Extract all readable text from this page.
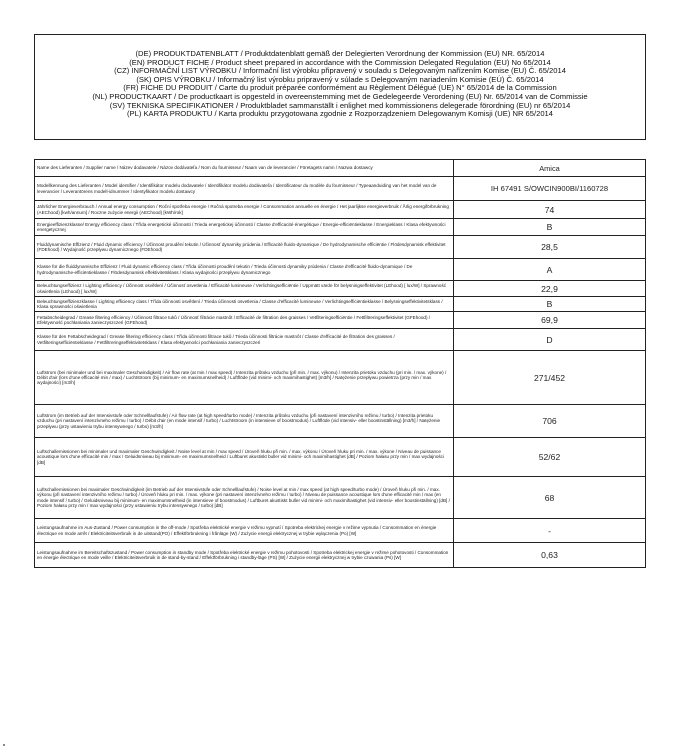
(DE) PRODUKTDATENBLATT / Produktdatenblatt gemäß der Delegierten Verordnung der Kommission (EU) NR. 65/2014
(EN) PRODUCT FICHE / Product sheet prepared in accordance with the Commission Delegated Regulation (EU) No 65/2014
(CZ) INFORMAČNÍ LIST VÝROBKU / Informační list výrobku připravený v souladu s Delegovaným nařízením Komise (EU) Č. 65/2014
(SK) OPIS VÝROBKU / Informačný list výrobku pripravený v súlade s Delegovaným nariadením Komisie (EÚ) Č. 65/2014
(FR) FICHE DU PRODUIT / Carte du produit préparée conformément au Règlement Délégué (UE) N° 65/2014 de la Commission
(NL) PRODUCTKAART / De productkaart is opgesteld in overeenstemming met de Gedelegeerde Verordening (EU) Nr. 65/2014 van de Commissie
(SV) TEKNISKA SPECIFIKATIONER / Produktbladet sammanställt i enlighet med kommissionens delegerade förordning (EU) nr 65/2014
(PL) KARTA PRODUKTU / Karta produktu przygotowana zgodnie z Rozporządzeniem Delegowanym Komisji (UE) NR 65/2014
Name des Lieferanten / Supplier name / Název dodavatele / Názov dodávateľa / Nom du fournisseur / Naam van de leverancier / Företagets namn / Nazwa dostawcy	Amica
Modellkennung des Lieferanten / Model identifier / Identifikátor modelu dodavatele / Identifikátor modelu dodávateľa / Identificateur du modèle du fournisseur / Typeaanduiding van het model van de leverancier / Leverantörens modell-idnummer / Identyfikator modelu dostawcy	IH 67491 S/OWCIN900BI/1160728
Jährlicher Energieverbrauch / Annual energy consumption / Roční spotřeba energie / Ročná spotreba energie / Consommation annuelle en énergie / Het jaarlijkse energieverbruik / Årlig energiförbrukning (AEChood) [kwh/annum] / Roczne zużycie energii (AEChood) [kWh/rok]	74
Energieeffizienzklasse/ Energy efficiency class / Třída energetické účinnosti / Trieda energetickej účinnosti / Classe d'efficacité énergétique / Energie-efficiëntieklasse / Energieklass / Klasa efektywności energetycznej	B
Fluiddynamische Effizienz / Fluid dynamic efficiency / Účinnost proudění tekutin / Účinnosť dynamiky prúdenia / Efficacité fluido-dynamique / De hydrodynamische efficiëntie / Flödesdynamisk effektivitet (FDEhood) / Wydajność przepływu dynamicznego (FDEhood)	28,5
Klasse für die fluiddynamische Effizienz / Fluid dynamic efficiency class / Třída účinnosti proudění tekutin / Trieda účinnosti dynamiky prúdenia / Classe d'efficacité fluido-dynamique / De hydrodynamische-efficiëntieklasse / Flödesdynamisk effektivitetsklass / Klasa wydajności przepływu dynamicznego	A
Beleuchtungseffizienz / Lighting efficiency / Účinnost osvětlení / Účinnosť osvetlenia / Efficacité lumineuse / Verlichtingsefficiëntie / Uppmätt värde för belysningseffektivitet (LEhood) [ lux/W] / Sprawność oświetlenia (LEhood) [ lux/W]	22,9
Beleuchtungseffizienzklasse / Lighting efficiency class / Třída účinnosti osvětlení / Trieda účinnosti osvetlenia / Classe d'efficacité lumineuse / Verlichtingsefficiëntieklasse / Belysningseffektivitetsklass / Klasa sprawności oświetlenia	B
Fettabscheidegrad / Grease filtering efficiency / Účinnost filtrace tuků / Účinnosť filtrácie mastnôt / Efficacité de filtration des graisses / Vetfilteringsefficiëntie / Fettfiltreringseffektivitet (GFEhood) / Efektywność pochłaniania zanieczyszczeń (GFEhood)	69,9
Klasse für den Fettabscheidegrad / Grease filtering efficiency class / Třída účinnosti filtrace tuků / Trieda účinnosti filtrácie mastnôt / Classe d'efficacité de filtration des graisses / Vetfilteringsefficiëntieklasse / Fettfiltreringseffektivitetsklass / Klasa efektywności pochłaniania zanieczyszczeń	D
Luftstrom (bei minimaler und bei maximaler Geschwindigkeit) / Air flow rate (at min / max speed) / Intenzita průtoku vzduchu (při min. / max. výkonu) / Intenzita prietoku vzduchu (pri min. / max. výkone) / Débit d'air (lors d'une efficacité min / max) / Luchtstroom (bij minimum- en maximumsnelheid) / Luftflöde (vid minimi- och maximihastighet) [m3/h] / Natężenie przepływu powietrza (przy min / max wydajności) [m3/h]	271/452
Luftstrom (im Betrieb auf der Intensivstufe oder Schnelllaufstufe) / Air flow rate (at high speed/turbo mode) / Intenzita průtoku vzduchu (při nastavení intenzivního režimu / turbo) / Intenzita prietoku vzduchu (pri nastavení intenzívneho režimu / turbo) / Débit d'air (en mode intensif / turbo) / Luchtstroom (in intensieve of boostmodus) / Luftflöde (vid intensiv- eller boostinställning) [m3/h] / Natężenie przepływu (przy ustawieniu trybu intensywnego / turbo) [m3/h]	706
Luftschallemissionen bei minimaler und maximaler Geschwindigkeit / Noise level at min / max speed / Úroveň hluku při min. / max. výkonu / Úroveň hluku pri min. / max. výkone / Niveau de puissance acoustique lors d'une efficacité min / max / Geluidsniveau bij minimum- en maximumsnelheid / Luftburet akustiskt buller vid minimi- och maximihastighet [dB] / Poziom hałasu przy min / max wydajności [dB]	52/62
Luftschallemissionen bei maximaler Geschwindigkeit (im Betrieb auf der Intensivstufe oder Schnelllaufstufe) / Noise level at min / max speed (at high speed/turbo mode) / Úroveň hluku při min. / max. výkonu (při nastavení intenzivního režimu / turbo) / Úroveň hluku pri min. / max. výkone (pri nastavení intenzívneho režimu / turbo) / Niveau de puissance acoustique lors d'une efficacité min / max (en mode intensif / turbo) / Geluidsniveau bij minimum- en maximumsnelheid (in intensieve of boostmodus) / Luftburet akustiskt buller vid minimi- och maximihastighet (vid intensiv- eller boostinställning) [dB] / Poziom hałasu przy min / max wydajności (przy ustawieniu trybu intensywnego / turbo) [dB]	68
Leistungsaufnahme im Aus-Zustand / Power consumption in the off-mode / Spotřeba elektrické energie v režimu vypnutí / Spotreba elektrickej energie v režime vypnutia / Consommation en énergie électrique en mode arrêt / Elektriciteitsverbruik in de uitstand(PO) / Effektförbrukning i frånläge (W) / Zużycie energii elektrycznej w trybie wyłączenia (Po) [W]	-
Leistungsaufnahme im Bereitschaftszustand / Power consumption in standby mode / Spotřeba elektrické energie v režimu pohotovosti / Spotreba elektrickej energie v režime pohotovosti / Consommation en énergie électrique en mode veille / Elektriciteitsverbruik in de stand-by-stand / Effektförbrukning i standby-läge (PS) [W] / Zużycie energii elektrycznej w trybie czuwania (Ps) [W]	0,63
